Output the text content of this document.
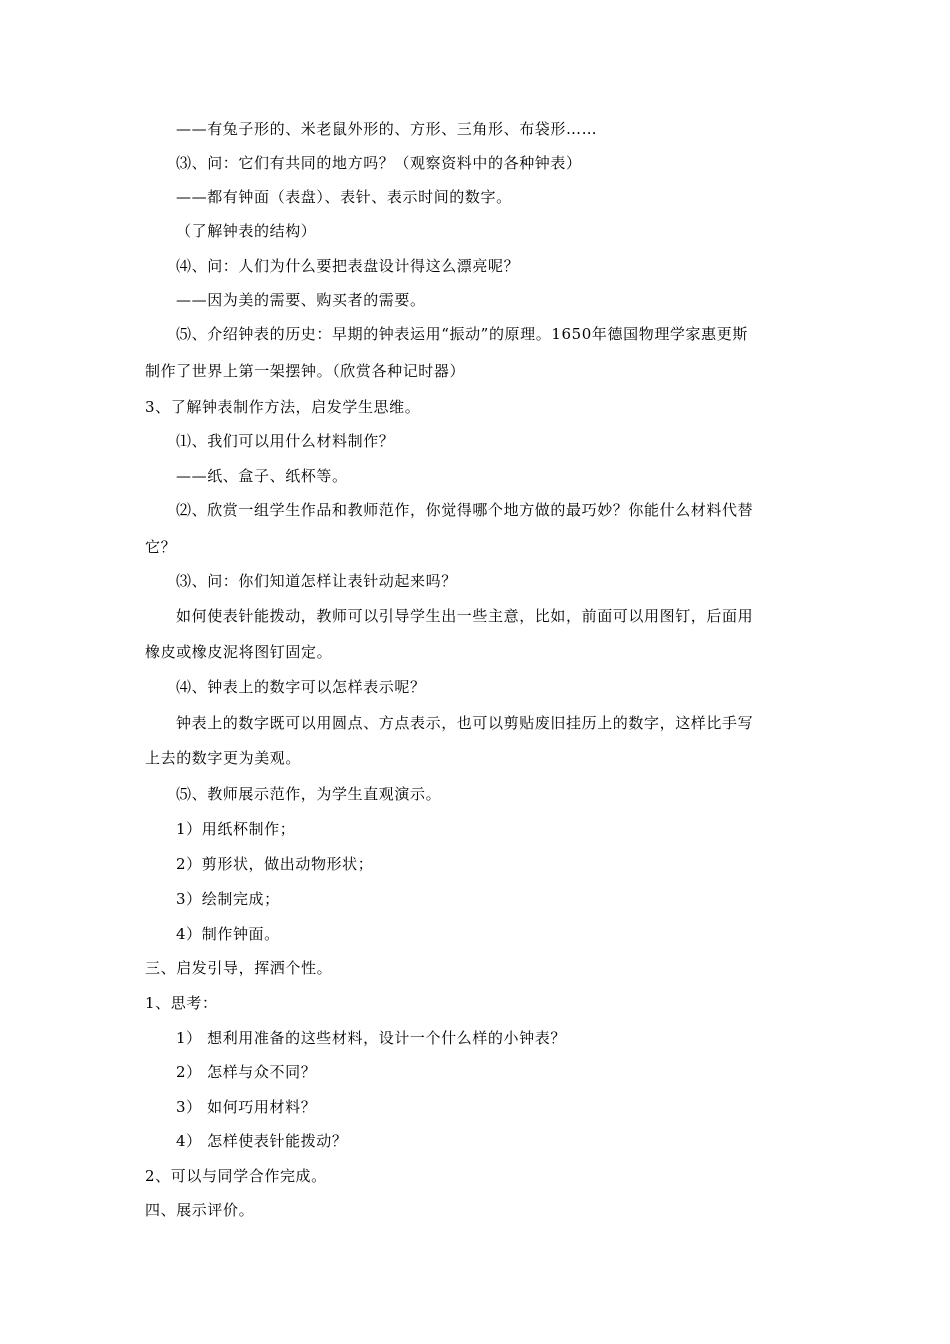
——有兔子形的、米老鼠外形的、方形、三角形、布袋形……
⑶、问：它们有共同的地方吗？（观察资料中的各种钟表）
——都有钟面（表盘）、表针、表示时间的数字。
（了解钟表的结构）
⑷、问：人们为什么要把表盘设计得这么漂亮呢？
——因为美的需要、购买者的需要。
⑸、介绍钟表的历史：早期的钟表运用“振动”的原理。1650年德国物理学家惠更斯
制作了世界上第一架摆钟。（欣赏各种记时器）
3、了解钟表制作方法，启发学生思维。
⑴、我们可以用什么材料制作？
——纸、盒子、纸杯等。
⑵、欣赏一组学生作品和教师范作，你觉得哪个地方做的最巧妙？你能什么材料代替
它？
⑶、问：你们知道怎样让表针动起来吗？
如何使表针能拨动，教师可以引导学生出一些主意，比如，前面可以用图钉，后面用
橡皮或橡皮泥将图钉固定。
⑷、钟表上的数字可以怎样表示呢？
钟表上的数字既可以用圆点、方点表示，也可以剪贴废旧挂历上的数字，这样比手写
上去的数字更为美观。
⑸、教师展示范作，为学生直观演示。
1）用纸杯制作；
2）剪形状，做出动物形状；
3）绘制完成；
4）制作钟面。
三、启发引导，挥洒个性。
1、思考：
1） 想利用准备的这些材料，设计一个什么样的小钟表？
2） 怎样与众不同？
3） 如何巧用材料？
4） 怎样使表针能拨动？
2、可以与同学合作完成。
四、展示评价。
